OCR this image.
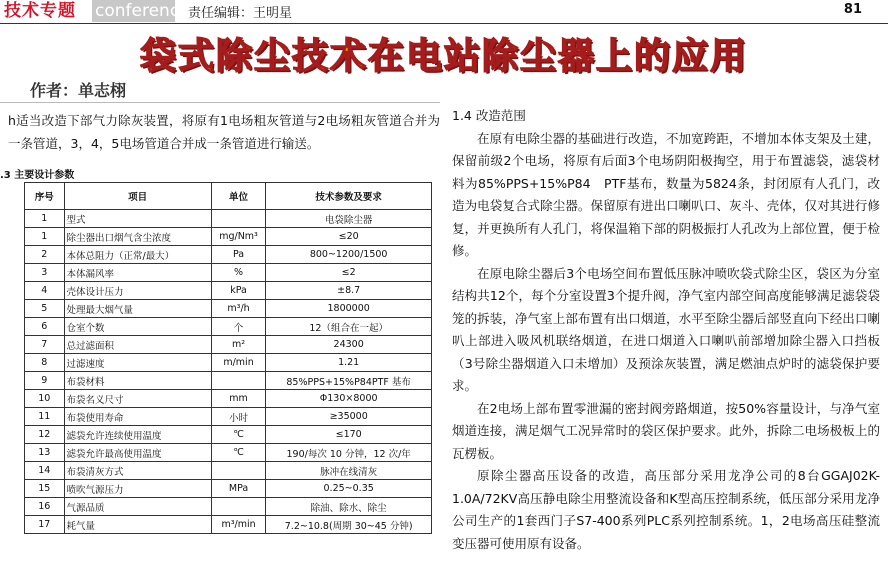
技术专题	conference
责任编辑：王明星	81
袋式除尘技术在电站除尘器上的应用
作者：单志栩

h适当改造下部气力除灰装置，将原有1电场粗灰管道与2电场粗灰管道合并为一条管道，3，4，5电场管道合并成一条管道进行输送。

.3 主要设计参数
序号	项目	单位	技术参数及要求
1	型式		电袋除尘器
1	除尘器出口烟气含尘浓度	mg/Nm³	≤20
2	本体总阻力（正常/最大）	Pa	800~1200/1500
3	本体漏风率	%	≤2
4	壳体设计压力	kPa	±8.7
5	处理最大烟气量	m³/h	1800000
6	仓室个数	个	12（组合在一起）
7	总过滤面积	m²	24300
8	过滤速度	m/min	1.21
9	布袋材料		85%PPS+15%P84PTF 基布
10	布袋名义尺寸	mm	Φ130×8000
11	布袋使用寿命	小时	≥35000
12	滤袋允许连续使用温度	℃	≤170
13	滤袋允许最高使用温度	℃	190/每次 10 分钟，12 次/年
14	布袋清灰方式		脉冲在线清灰
15	喷吹气源压力	MPa	0.25~0.35
16	气源品质		除油、除水、除尘
17	耗气量	m³/min	7.2~10.8(周期 30~45 分钟)
1.4 改造范围

在原有电除尘器的基础进行改造，不加宽跨距，不增加本体支架及土建，保留前级2个电场，将原有后面3个电场阴阳极掏空，用于布置滤袋，滤袋材料为85%PPS+15%P84　PTF基布，数量为5824条，封闭原有人孔门，改造为电袋复合式除尘器。保留原有进出口喇叭口、灰斗、壳体，仅对其进行修复，并更换所有人孔门，将保温箱下部的阴极振打人孔改为上部位置，便于检修。

在原电除尘器后3个电场空间布置低压脉冲喷吹袋式除尘区，袋区为分室结构共12个，每个分室设置3个提升阀，净气室内部空间高度能够满足滤袋袋笼的拆装，净气室上部布置有出口烟道，水平至除尘器后部竖直向下经出口喇叭上部进入吸风机联络烟道，在进口烟道入口喇叭前部增加除尘器入口挡板（3号除尘器烟道入口未增加）及预涂灰装置，满足燃油点炉时的滤袋保护要求。

在2电场上部布置零泄漏的密封阀旁路烟道，按50%容量设计，与净气室烟道连接，满足烟气工况异常时的袋区保护要求。此外，拆除二电场极板上的瓦楞板。

原除尘器高压设备的改造，高压部分采用龙净公司的8台GGAJ02K-1.0A/72KV高压静电除尘用整流设备和K型高压控制系统，低压部分采用龙净公司生产的1套西门子S7-400系列PLC系列控制系统。1，2电场高压硅整流变压器可使用原有设备。
